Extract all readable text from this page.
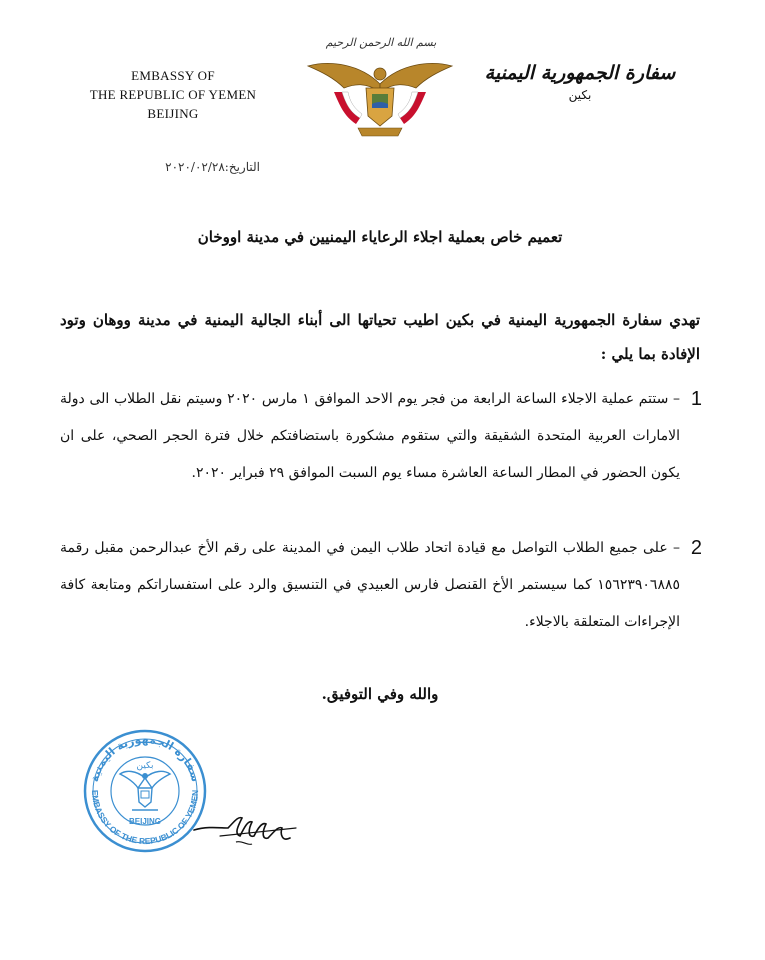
EMBASSY OF
THE REPUBLIC OF YEMEN
BEIJING
بسم الله الرحمن الرحيم
سفارة الجمهورية اليمنية
بكين
التاريخ:٢٠٢٠/٠٢/٢٨
تعميم خاص بعملية اجلاء الرعاياء اليمنيين في مدينة اووخان
تهدي سفارة الجمهورية اليمنية في بكين اطيب تحياتها الى أبناء الجالية اليمنية في مدينة ووهان وتود الإفادة بما يلي :
1

– ستتم عملية الاجلاء الساعة الرابعة من فجر يوم الاحد الموافق ١ مارس ٢٠٢٠ وسيتم نقل الطلاب الى دولة الامارات العربية المتحدة الشقيقة والتي ستقوم مشكورة باستضافتكم خلال فترة الحجر الصحي، على ان يكون الحضور في المطار الساعة العاشرة مساء يوم السبت الموافق ٢٩ فبراير ٢٠٢٠.

2

– على جميع الطلاب التواصل مع قيادة اتحاد طلاب اليمن في المدينة على رقم الأخ عبدالرحمن مقبل رقمة ١٥٦٢٣٩٠٦٨٨٥ كما سيستمر الأخ القنصل فارس العبيدي في التنسيق والرد على استفساراتكم ومتابعة كافة الإجراءات المتعلقة بالاجلاء.

والله وفي التوفيق.
سفارة الجمهورية اليمنية
بكين
EMBASSY OF THE REPUBLIC OF YEMEN
BEIJING
